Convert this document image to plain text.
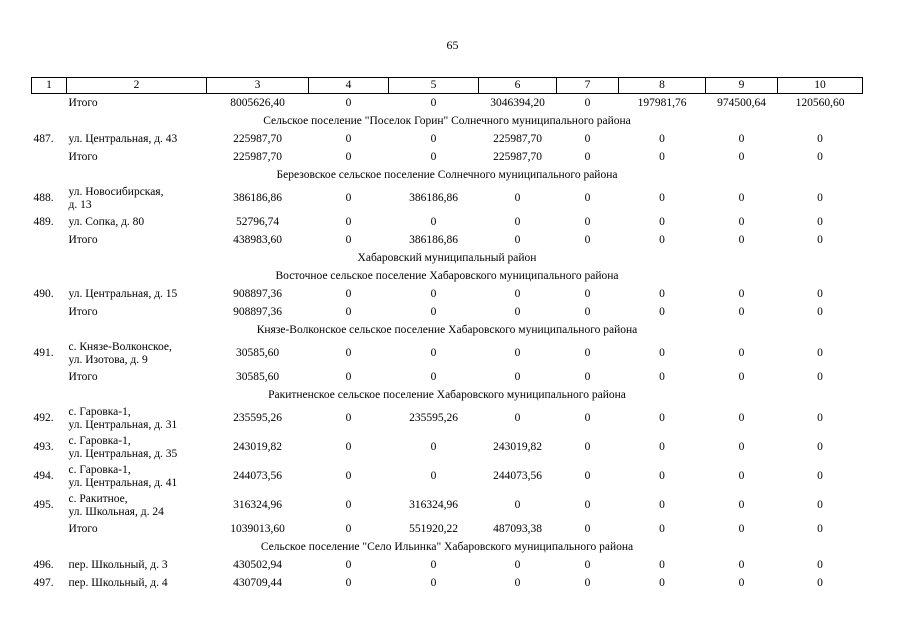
65
1	2	3	4	5	6	7	8	9	10

	Итого	8005626,40	0	0	3046394,20	0	197981,76	974500,64	120560,60
Сельское поселение "Поселок Горин" Солнечного муниципального района									
487.	ул. Центральная, д. 43	225987,70	0	0	225987,70	0	0	0	0

	Итого	225987,70	0	0	225987,70	0	0	0	0
Березовское сельское поселение Солнечного муниципального района									
488.	ул. Новосибирская,
д. 13	386186,86	0	386186,86	0	0	0	0	0
489.	ул. Сопка, д. 80	52796,74	0	0	0	0	0	0	0

	Итого	438983,60	0	386186,86	0	0	0	0	0
Хабаровский муниципальный район									
Восточное сельское поселение Хабаровского муниципального района									
490.	ул. Центральная, д. 15	908897,36	0	0	0	0	0	0	0

	Итого	908897,36	0	0	0	0	0	0	0
Князе-Волконское сельское поселение Хабаровского муниципального района									
491.	с. Князе-Волконское,
ул. Изотова, д. 9	30585,60	0	0	0	0	0	0	0

	Итого	30585,60	0	0	0	0	0	0	0
Ракитненское сельское поселение Хабаровского муниципального района									
492.	с. Гаровка-1,
ул. Центральная, д. 31	235595,26	0	235595,26	0	0	0	0	0
493.	с. Гаровка-1,
ул. Центральная, д. 35	243019,82	0	0	243019,82	0	0	0	0
494.	с. Гаровка-1,
ул. Центральная, д. 41	244073,56	0	0	244073,56	0	0	0	0
495.	с. Ракитное,
ул. Школьная, д. 24	316324,96	0	316324,96	0	0	0	0	0

	Итого	1039013,60	0	551920,22	487093,38	0	0	0	0
Сельское поселение "Село Ильинка" Хабаровского муниципального района									
496.	пер. Школьный, д. 3	430502,94	0	0	0	0	0	0	0
497.	пер. Школьный, д. 4	430709,44	0	0	0	0	0	0	0
